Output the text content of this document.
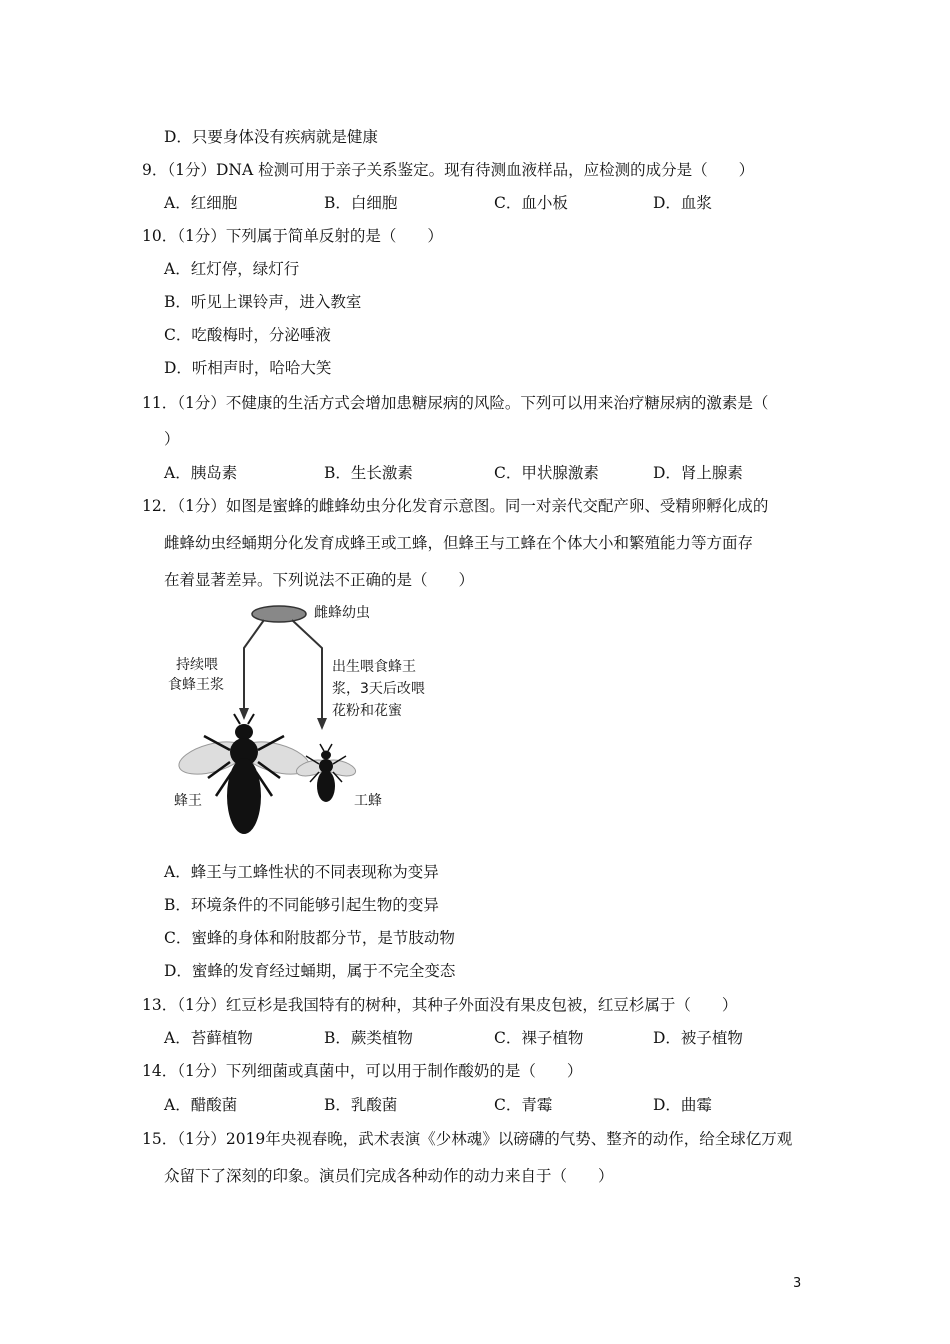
D．只要身体没有疾病就是健康
9．（1分）DNA 检测可用于亲子关系鉴定。现有待测血液样品，应检测的成分是（　　）
A．红细胞	B．白细胞	C．血小板	D．血浆
10．（1分）下列属于简单反射的是（　　）
A．红灯停，绿灯行
B．听见上课铃声，进入教室
C．吃酸梅时，分泌唾液
D．听相声时，哈哈大笑
11．（1分）不健康的生活方式会增加患糖尿病的风险。下列可以用来治疗糖尿病的激素是（
）
A．胰岛素	B．生长激素	C．甲状腺激素	D．肾上腺素
12．（1分）如图是蜜蜂的雌蜂幼虫分化发育示意图。同一对亲代交配产卵、受精卵孵化成的
雌蜂幼虫经蛹期分化发育成蜂王或工蜂，但蜂王与工蜂在个体大小和繁殖能力等方面存
在着显著差异。下列说法不正确的是（　　）
雌蜂幼虫
持续喂
食蜂王浆
出生喂食蜂王
浆，3天后改喂
花粉和花蜜
蜂王	工蜂
A．蜂王与工蜂性状的不同表现称为变异
B．环境条件的不同能够引起生物的变异
C．蜜蜂的身体和附肢都分节，是节肢动物
D．蜜蜂的发育经过蛹期，属于不完全变态
13．（1分）红豆杉是我国特有的树种，其种子外面没有果皮包被，红豆杉属于（　　）
A．苔藓植物	B．蕨类植物	C．裸子植物	D．被子植物
14．（1分）下列细菌或真菌中，可以用于制作酸奶的是（　　）
A．醋酸菌	B．乳酸菌	C．青霉	D．曲霉
15．（1分）2019年央视春晚，武术表演《少林魂》以磅礴的气势、整齐的动作，给全球亿万观
众留下了深刻的印象。演员们完成各种动作的动力来自于（　　）
3
